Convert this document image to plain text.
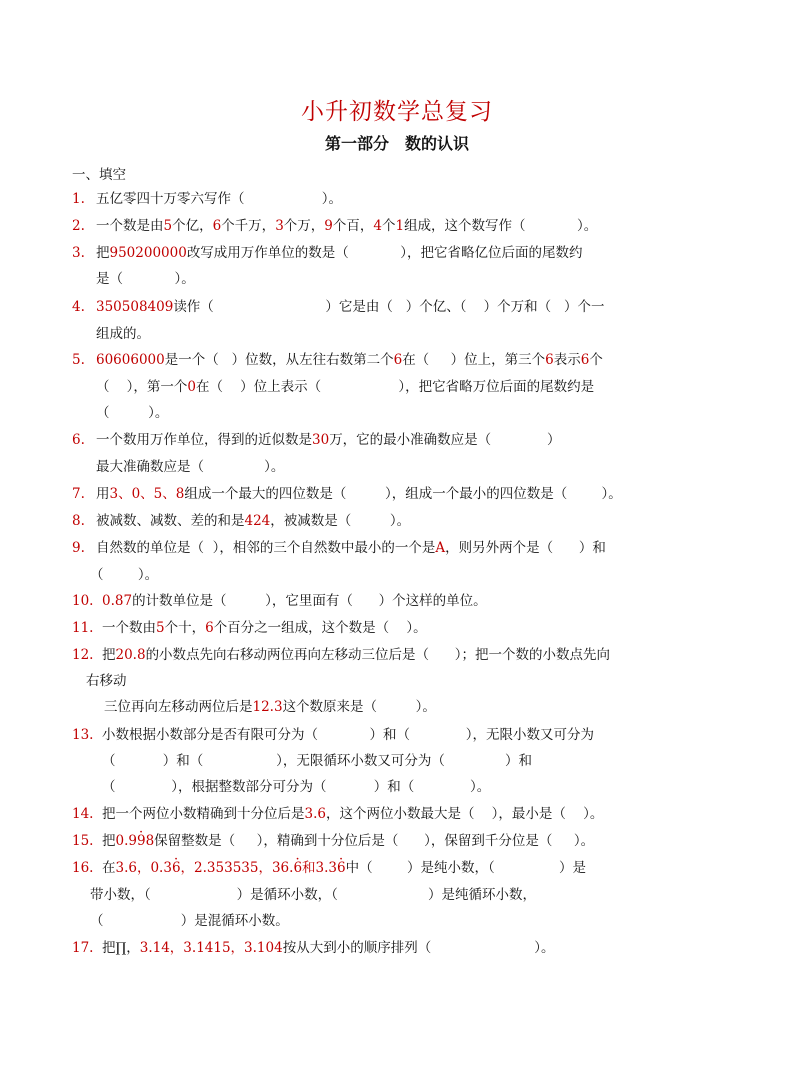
小升初数学总复习
第一部分　数的认识
一、填空
1. 五亿零四十万零六写作（                  ）。
2. 一个数是由5个亿，6个千万，3个万，9个百，4个1组成，这个数写作（            ）。
3. 把950200000改写成用万作单位的数是（            ），把它省略亿位后面的尾数约
是（            ）。
4. 350508409读作（                          ）它是由（   ）个亿、（    ）个万和（   ）个一
组成的。
5. 60606000是一个（   ）位数，从左往右数第二个6在（     ）位上，第三个6表示6个
（    ），第一个0在（    ）位上表示（                  ），把它省略万位后面的尾数约是
（         ）。
6. 一个数用万作单位，得到的近似数是30万，它的最小准确数应是（             ）
最大准确数应是（              ）。
7. 用3、0、5、8组成一个最大的四位数是（         ），组成一个最小的四位数是（        ）。
8. 被减数、减数、差的和是424，被减数是（         ）。
9. 自然数的单位是（  ），相邻的三个自然数中最小的一个是A，则另外两个是（      ）和
（        ）。
10. 0.87的计数单位是（         ），它里面有（      ）个这样的单位。
11. 一个数由5个十，6个百分之一组成，这个数是（    ）。
12. 把20.8的小数点先向右移动两位再向左移动三位后是（      ）；把一个数的小数点先向
右移动
三位再向左移动两位后是12.3这个数原来是（         ）。
13. 小数根据小数部分是否有限可分为（            ）和（             ），无限小数又可分为
（           ）和（                 ），无限循环小数又可分为（              ）和
（             ），根据整数部分可分为（           ）和（             ）。
14. 把一个两位小数精确到十分位后是3.6，这个两位小数最大是（    ），最小是（    ）。
15. 把0.9· 98保留整数是（     ），精确到十分位后是（      ），保留到千分位是（     ）。
16. 在3.6，0.3· 6，2.353535，36.· 6和3.3· 6中（        ）是纯小数，（               ）是
带小数，（                    ）是循环小数，（                     ）是纯循环小数，
（                  ）是混循环小数。
17. 把∏，3.14，3.1415，3.104按从大到小的顺序排列（                        ）。
